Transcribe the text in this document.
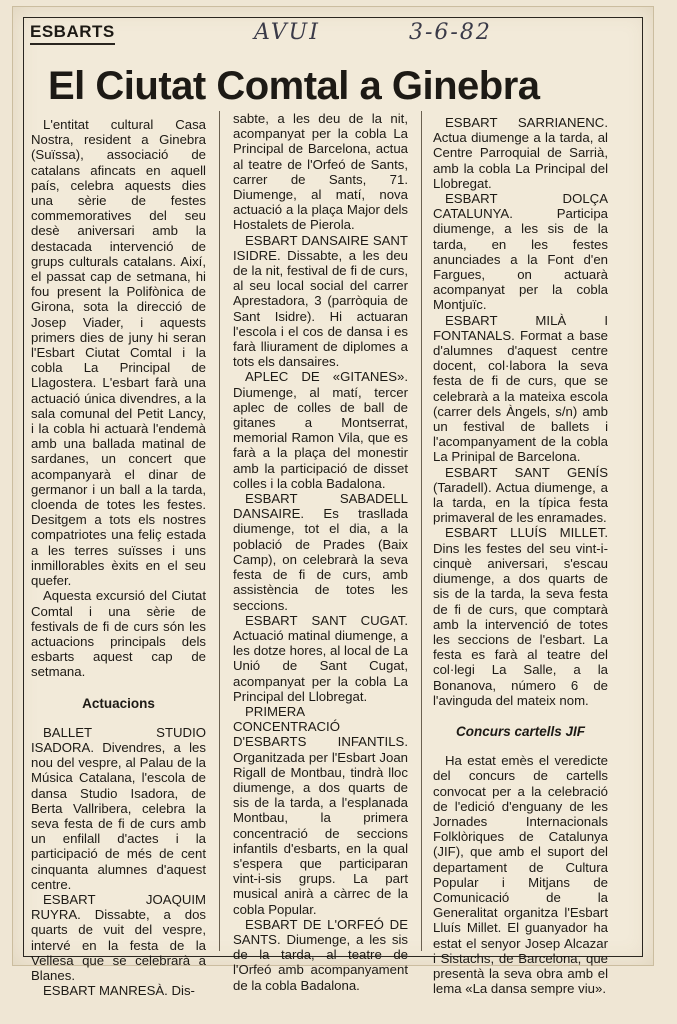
ESBARTS	AVUI	3-6-82
El Ciutat Comtal a Ginebra

L'entitat cultural Casa Nostra, resident a Ginebra (Suïssa), associació de catalans afincats en aquell país, celebra aquests dies una sèrie de festes commemoratives del seu desè aniversari amb la destacada intervenció de grups culturals catalans. Així, el passat cap de setmana, hi fou present la Polifònica de Girona, sota la direcció de Josep Viader, i aquests primers dies de juny hi seran l'Esbart Ciutat Comtal i la cobla La Principal de Llagostera. L'esbart farà una actuació única divendres, a la sala comunal del Petit Lancy, i la cobla hi actuarà l'endemà amb una ballada matinal de sardanes, un concert que acompanyarà el dinar de germanor i un ball a la tarda, cloenda de totes les festes. Desitgem a tots els nostres compatriotes una feliç estada a les terres suïsses i uns inmillorables èxits en el seu quefer.

Aquesta excursió del Ciutat Comtal i una sèrie de festivals de fi de curs són les actuacions principals dels esbarts aquest cap de setmana.

Actuacions

BALLET STUDIO ISADORA. Divendres, a les nou del vespre, al Palau de la Música Catalana, l'escola de dansa Studio Isadora, de Berta Vallribera, celebra la seva festa de fi de curs amb un enfilall d'actes i la participació de més de cent cinquanta alumnes d'aquest centre.

ESBART JOAQUIM RUYRA. Dissabte, a dos quarts de vuit del vespre, intervé en la festa de la Vellesa que se celebrarà a Blanes.

ESBART MANRESÀ. Dis-

sabte, a les deu de la nit, acompanyat per la cobla La Principal de Barcelona, actua al teatre de l'Orfeó de Sants, carrer de Sants, 71. Diumenge, al matí, nova actuació a la plaça Major dels Hostalets de Pierola.

ESBART DANSAIRE SANT ISIDRE. Dissabte, a les deu de la nit, festival de fi de curs, al seu local social del carrer Aprestadora, 3 (parròquia de Sant Isidre). Hi actuaran l'escola i el cos de dansa i es farà lliurament de diplomes a tots els dansaires.

APLEC DE «GITANES». Diumenge, al matí, tercer aplec de colles de ball de gitanes a Montserrat, memorial Ramon Vila, que es farà a la plaça del monestir amb la participació de disset colles i la cobla Badalona.

ESBART SABADELL DANSAIRE. Es trasllada diumenge, tot el dia, a la població de Prades (Baix Camp), on celebrarà la seva festa de fi de curs, amb assistència de totes les seccions.

ESBART SANT CUGAT. Actuació matinal diumenge, a les dotze hores, al local de La Unió de Sant Cugat, acompanyat per la cobla La Principal del Llobregat.

PRIMERA CONCENTRACIÓ D'ESBARTS INFANTILS. Organitzada per l'Esbart Joan Rigall de Montbau, tindrà lloc diumenge, a dos quarts de sis de la tarda, a l'esplanada Montbau, la primera concentració de seccions infantils d'esbarts, en la qual s'espera que participaran vint-i-sis grups. La part musical anirà a càrrec de la cobla Popular.

ESBART DE L'ORFEÓ DE SANTS. Diumenge, a les sis de la tarda, al teatre de l'Orfeó amb acompanyament de la cobla Badalona.

ESBART SARRIANENC. Actua diumenge a la tarda, al Centre Parroquial de Sarrià, amb la cobla La Principal del Llobregat.

ESBART DOLÇA CATALUNYA. Participa diumenge, a les sis de la tarda, en les festes anunciades a la Font d'en Fargues, on actuarà acompanyat per la cobla Montjuïc.

ESBART MILÀ I FONTANALS. Format a base d'alumnes d'aquest centre docent, col·labora la seva festa de fi de curs, que se celebrarà a la mateixa escola (carrer dels Àngels, s/n) amb un festival de ballets i l'acompanyament de la cobla La Prinipal de Barcelona.

ESBART SANT GENÍS (Taradell). Actua diumenge, a la tarda, en la típica festa primaveral de les enramades.

ESBART LLUÍS MILLET. Dins les festes del seu vint-i-cinquè aniversari, s'escau diumenge, a dos quarts de sis de la tarda, la seva festa de fi de curs, que comptarà amb la intervenció de totes les seccions de l'esbart. La festa es farà al teatre del col·legi La Salle, a la Bonanova, número 6 de l'avinguda del mateix nom.

Concurs cartells JIF

Ha estat emès el veredicte del concurs de cartells convocat per a la celebració de l'edició d'enguany de les Jornades Internacionals Folklòriques de Catalunya (JIF), que amb el suport del departament de Cultura Popular i Mitjans de Comunicació de la Generalitat organitza l'Esbart Lluís Millet. El guanyador ha estat el senyor Josep Alcazar i Sistachs, de Barcelona, que presentà la seva obra amb el lema «La dansa sempre viu».
